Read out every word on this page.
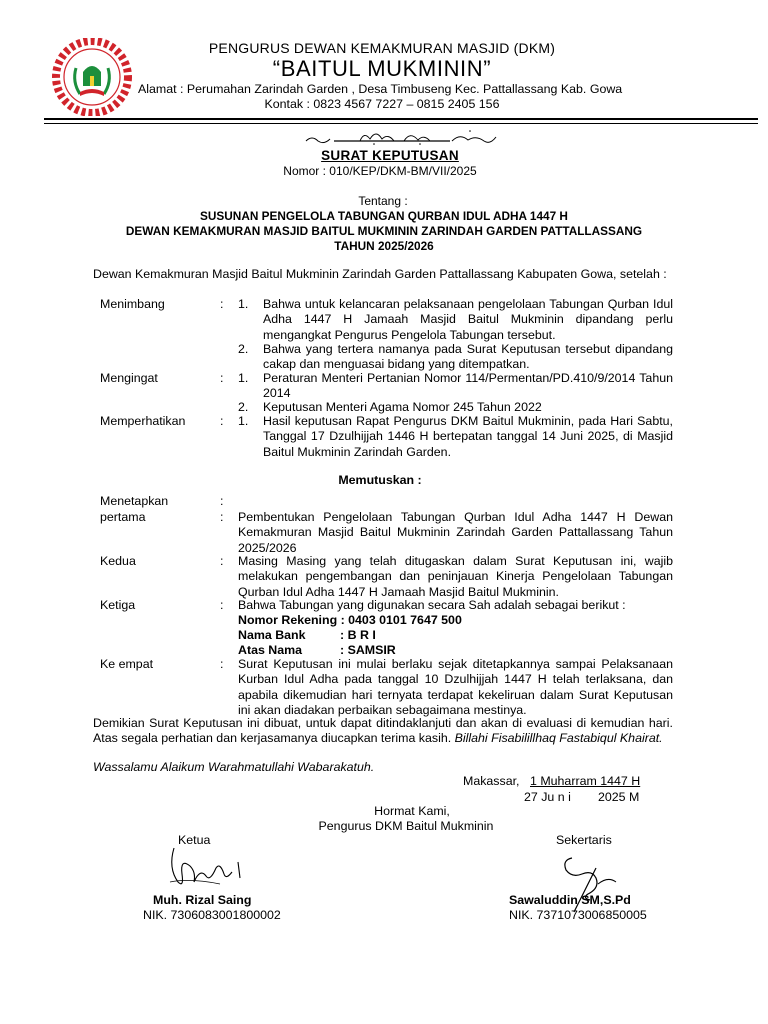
PENGURUS DEWAN KEMAKMURAN MASJID (DKM)
“BAITUL MUKMININ”
Alamat : Perumahan Zarindah Garden , Desa Timbuseng Kec. Pattallassang Kab. Gowa
Kontak : 0823 4567 7227 – 0815 2405 156
SURAT KEPUTUSAN
Nomor : 010/KEP/DKM-BM/VII/2025
Tentang :
SUSUNAN PENGELOLA TABUNGAN QURBAN IDUL ADHA 1447 H
DEWAN KEMAKMURAN MASJID BAITUL MUKMININ ZARINDAH GARDEN PATTALLASSANG
TAHUN 2025/2026
Dewan Kemakmuran Masjid Baitul Mukminin Zarindah Garden Pattallassang Kabupaten Gowa, setelah :
Menimbang	: 1. Bahwa untuk kelancaran pelaksanaan pengelolaan Tabungan Qurban Idul Adha 1447 H Jamaah Masjid Baitul Mukminin dipandang perlu mengangkat Pengurus Pengelola Tabungan tersebut.
2. Bahwa yang tertera namanya pada Surat Keputusan tersebut dipandang cakap dan menguasai bidang yang ditempatkan.
Mengingat	: 1. Peraturan Menteri Pertanian Nomor 114/Permentan/PD.410/9/2014 Tahun 2014
2. Keputusan Menteri Agama Nomor 245 Tahun 2022
Memperhatikan	: 1. Hasil keputusan Rapat Pengurus DKM Baitul Mukminin, pada Hari Sabtu, Tanggal 17 Dzulhijjah 1446 H bertepatan tanggal 14 Juni 2025, di Masjid Baitul Mukminin Zarindah Garden.
Memutuskan :
Menetapkan	:
pertama	: Pembentukan Pengelolaan Tabungan Qurban Idul Adha 1447 H Dewan Kemakmuran Masjid Baitul Mukminin Zarindah Garden Pattallassang Tahun 2025/2026
Kedua	: Masing Masing yang telah ditugaskan dalam Surat Keputusan ini, wajib melakukan pengembangan dan peninjauan Kinerja Pengelolaan Tabungan Qurban Idul Adha 1447 H Jamaah Masjid Baitul Mukminin.
Ketiga	: Bahwa Tabungan yang digunakan secara Sah adalah sebagai berikut :
Nomor Rekening : 0403 0101 7647 500
Nama Bank	: B R I
Atas Nama	: SAMSIR
Ke empat	: Surat Keputusan ini mulai berlaku sejak ditetapkannya sampai Pelaksanaan Kurban Idul Adha pada tanggal 10 Dzulhijjah 1447 H telah terlaksana, dan apabila dikemudian hari ternyata terdapat kekeliruan dalam Surat Keputusan ini akan diadakan perbaikan sebagaimana mestinya.
Demikian Surat Keputusan ini dibuat, untuk dapat ditindaklanjuti dan akan di evaluasi di kemudian hari. Atas segala perhatian dan kerjasamanya diucapkan terima kasih. Billahi Fisabilillhaq Fastabiqul Khairat.
Wassalamu Alaikum Warahmatullahi Wabarakatuh.
Makassar, 1 Muharram 1447 H
27 Ju n i 2025 M
Hormat Kami,
Pengurus DKM Baitul Mukminin
Ketua	Sekertaris
Muh. Rizal Saing
NIK. 7306083001800002
Sawaluddin SM,S.Pd
NIK. 7371073006850005
